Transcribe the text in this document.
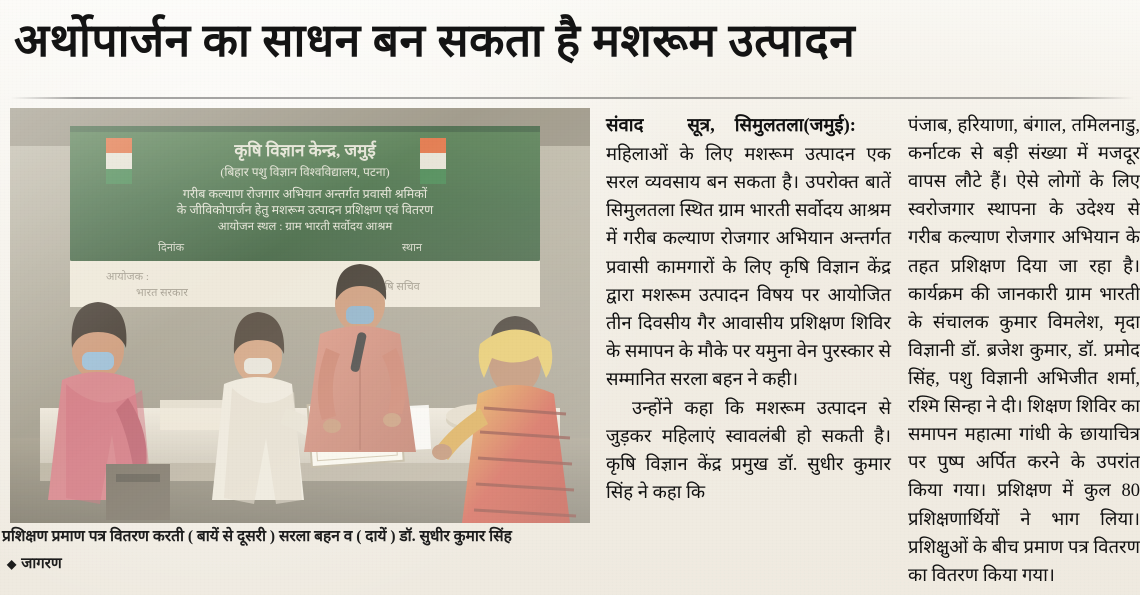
अर्थोपार्जन का साधन बन सकता है मशरूम उत्पादन
प्रशिक्षण प्रमाण पत्र वितरण करती ( बायें से दूसरी ) सरला बहन व ( दायें ) डॉ. सुधीर कुमार सिंह
◆ जागरण

संवाद सूत्र, सिमुलतला(जमुई):

महिलाओं के लिए मशरूम उत्पादन एक सरल व्यवसाय बन सकता है। उपरोक्त बातें सिमुलतला स्थित ग्राम भारती सर्वोदय आश्रम में गरीब कल्याण रोजगार अभियान अन्तर्गत प्रवासी कामगारों के लिए कृषि विज्ञान केंद्र द्वारा मशरूम उत्पादन विषय पर आयोजित तीन दिवसीय गैर आवासीय प्रशिक्षण शिविर के समापन के मौके पर यमुना वेन पुरस्कार से सम्मानित सरला बहन ने कही।

उन्होंने कहा कि मशरूम उत्पादन से जुड़कर महिलाएं स्वावलंबी हो सकती है। कृषि विज्ञान केंद्र प्रमुख डॉ. सुधीर कुमार सिंह ने कहा कि

पंजाब, हरियाणा, बंगाल, तमिलनाडु, कर्नाटक से बड़ी संख्या में मजदूर वापस लौटे हैं। ऐसे लोगों के लिए स्वरोजगार स्थापना के उदेश्य से गरीब कल्याण रोजगार अभियान के तहत प्रशिक्षण दिया जा रहा है। कार्यक्रम की जानकारी ग्राम भारती के संचालक कुमार विमलेश, मृदा विज्ञानी डॉ. ब्रजेश कुमार, डॉ. प्रमोद सिंह, पशु विज्ञानी अभिजीत शर्मा, रश्मि सिन्हा ने दी। शिक्षण शिविर का समापन महात्मा गांधी के छायाचित्र पर पुष्प अर्पित करने के उपरांत किया गया। प्रशिक्षण में कुल 80 प्रशिक्षणार्थियों ने भाग लिया। प्रशिक्षुओं के बीच प्रमाण पत्र वितरण का वितरण किया गया।
